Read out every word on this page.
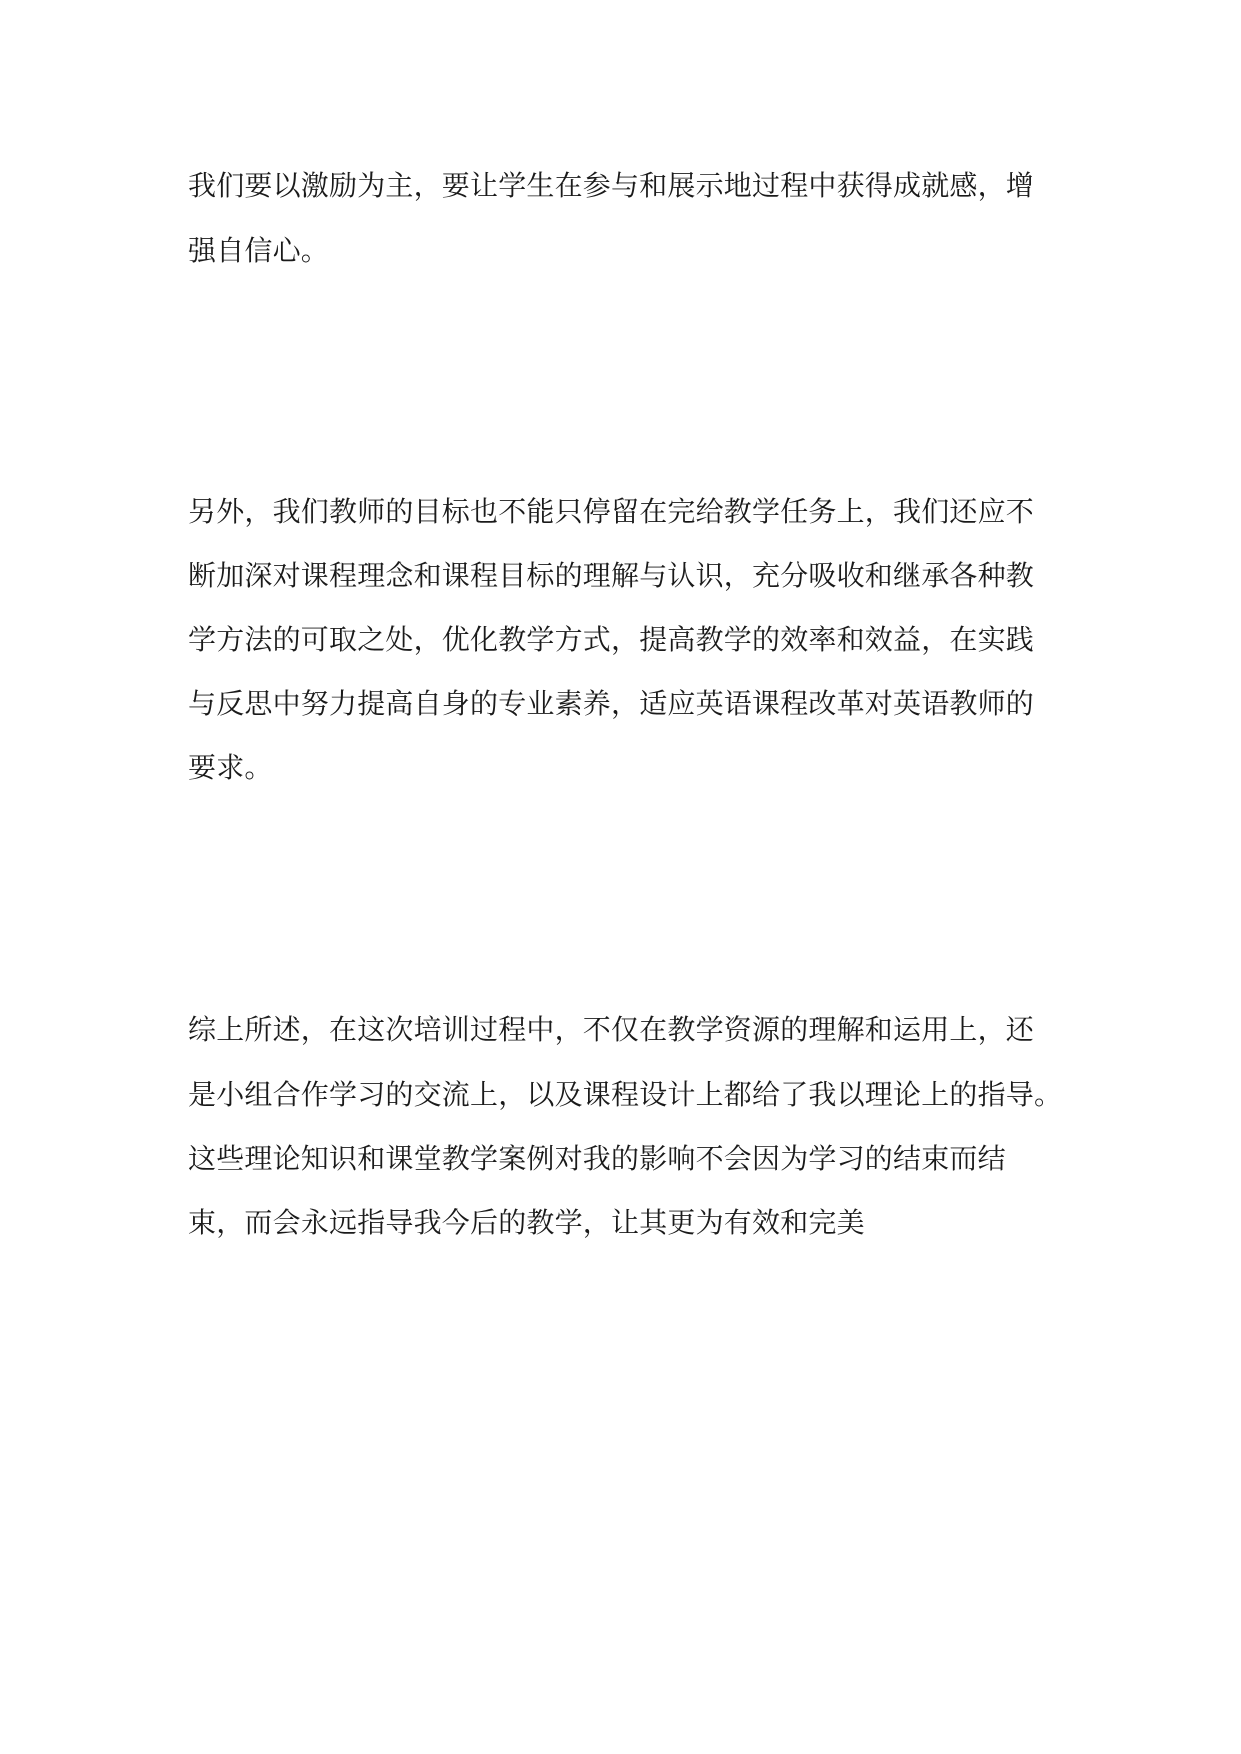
我们要以激励为主，要让学生在参与和展示地过程中获得成就感，增
强自信心。
另外，我们教师的目标也不能只停留在完给教学任务上，我们还应不
断加深对课程理念和课程目标的理解与认识，充分吸收和继承各种教
学方法的可取之处，优化教学方式，提高教学的效率和效益，在实践
与反思中努力提高自身的专业素养，适应英语课程改革对英语教师的
要求。
综上所述，在这次培训过程中，不仅在教学资源的理解和运用上，还
是小组合作学习的交流上，以及课程设计上都给了我以理论上的指导。
这些理论知识和课堂教学案例对我的影响不会因为学习的结束而结
束，而会永远指导我今后的教学，让其更为有效和完美
